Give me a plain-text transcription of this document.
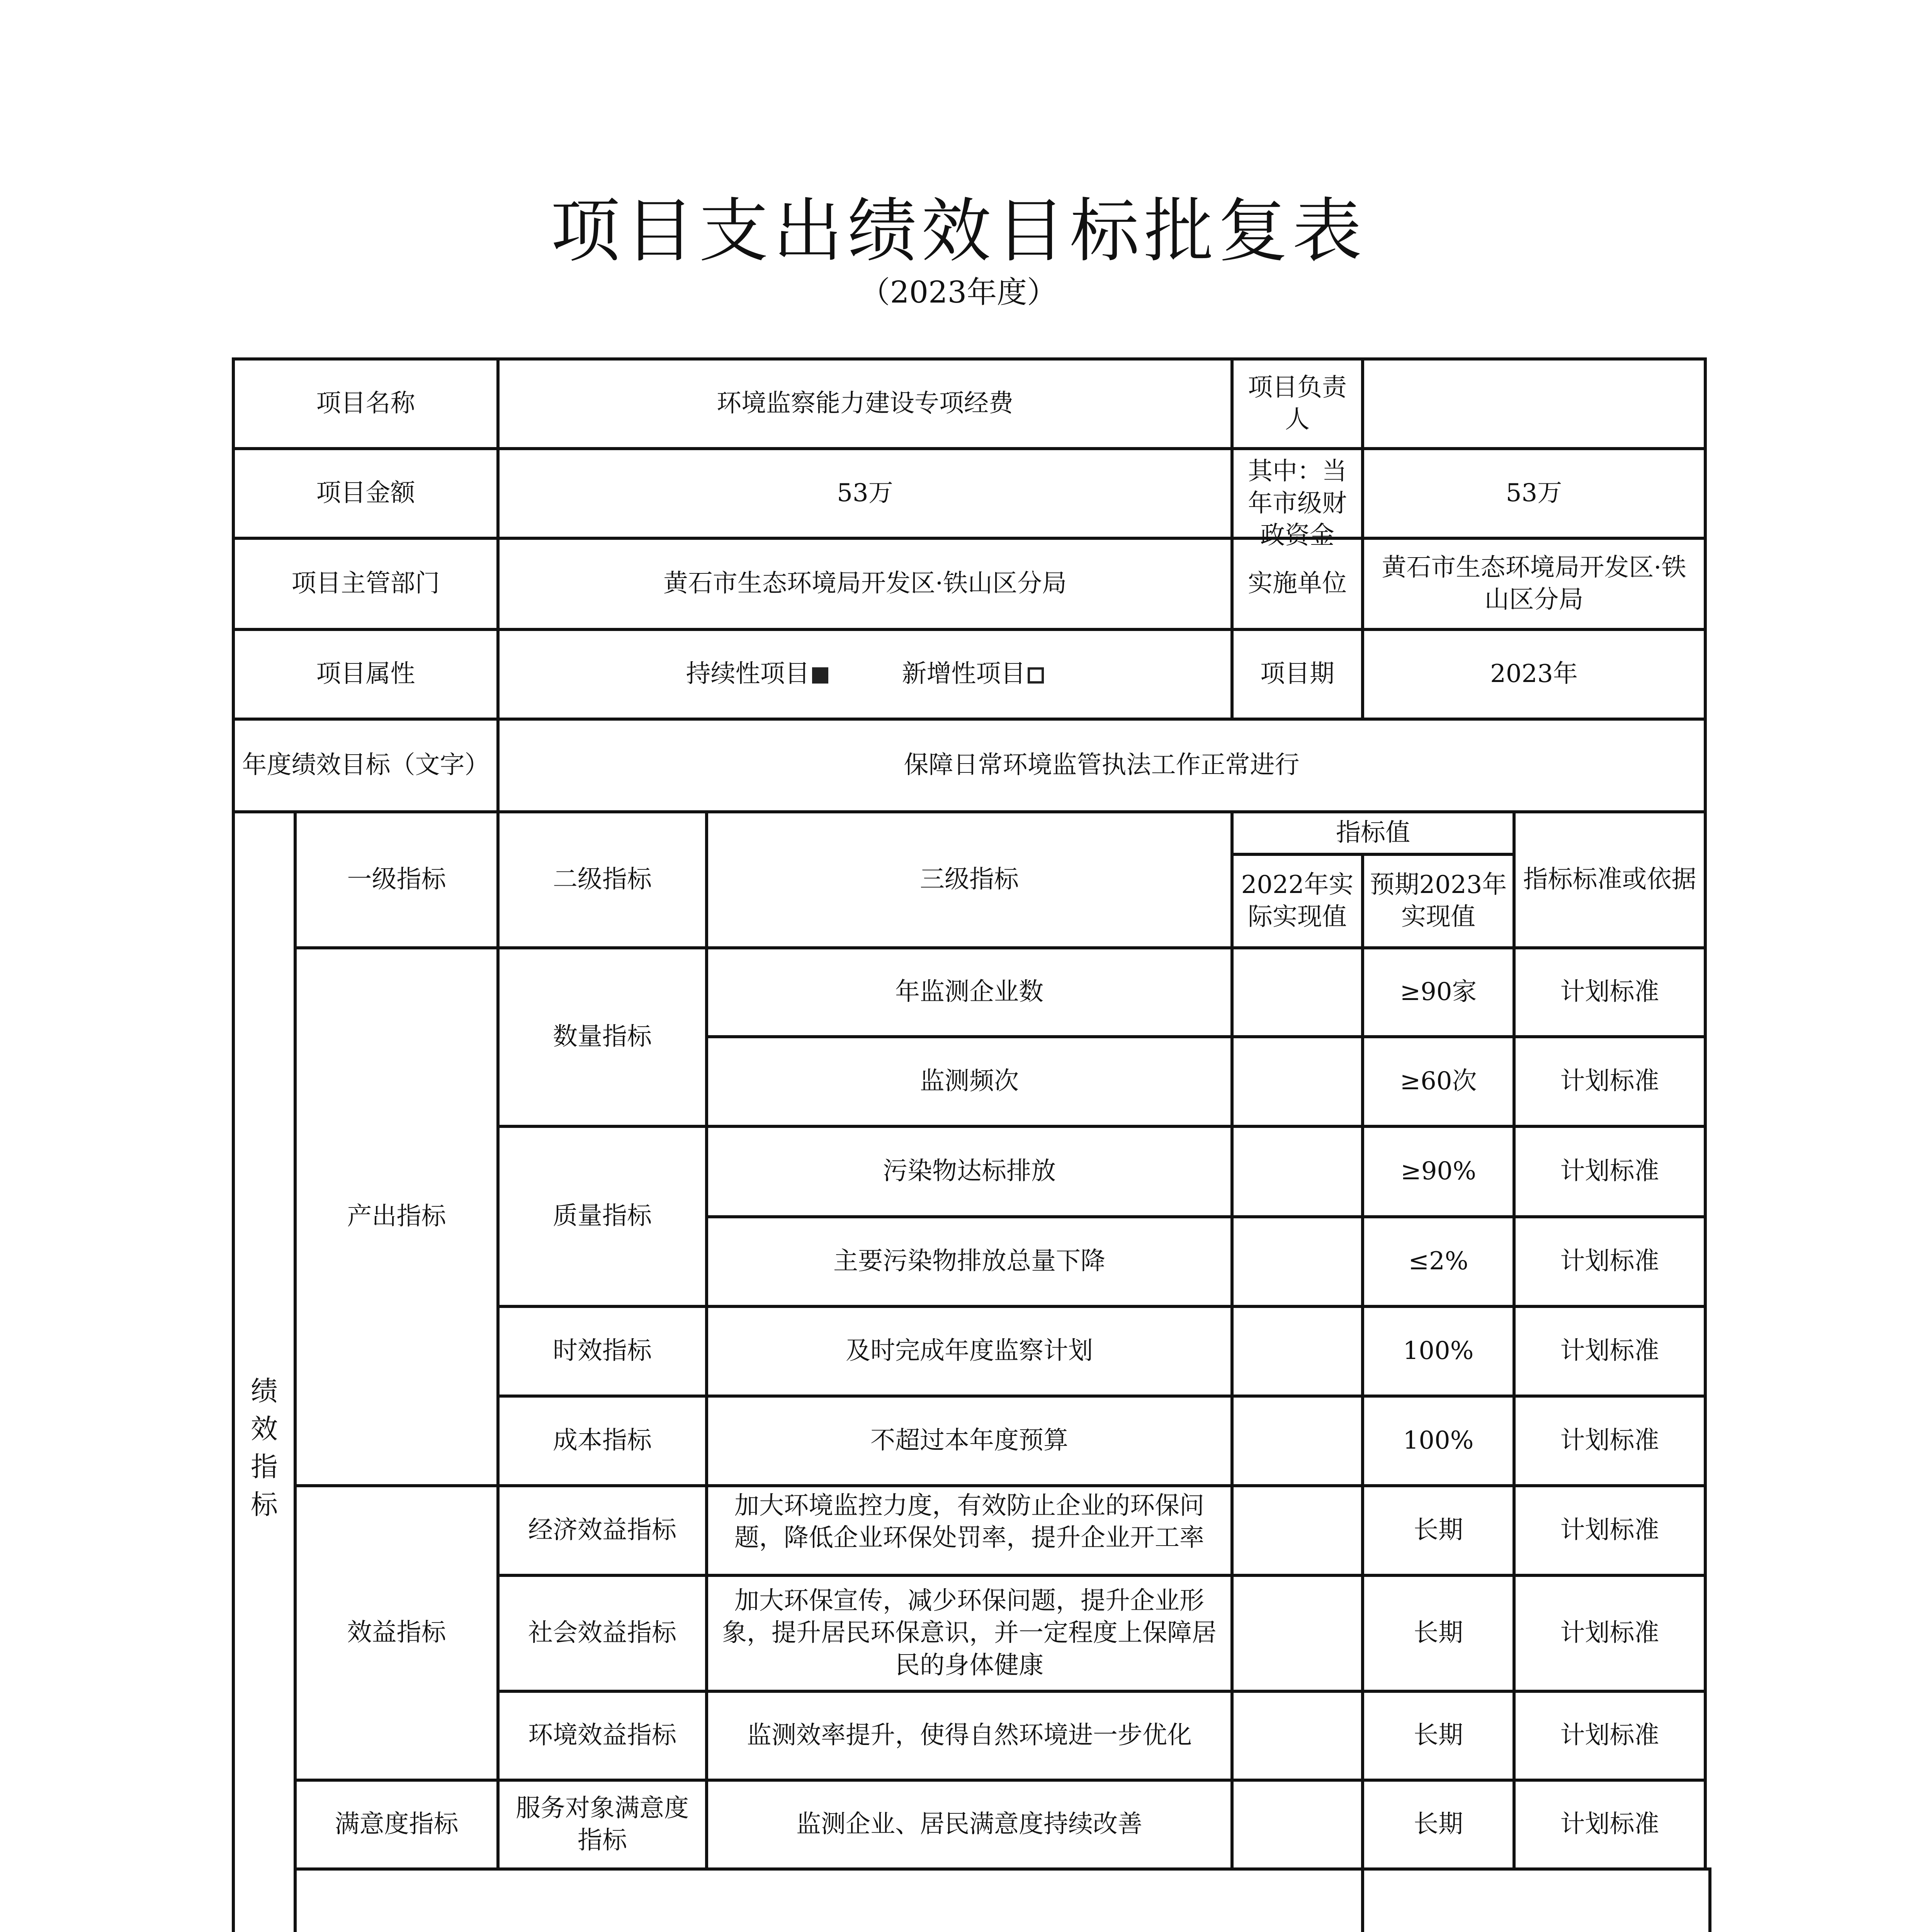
项目支出绩效目标批复表
（2023年度）
项目名称		环境监察能力建设专项经费		项目负责人		
项目金额		53万		其中：当年市级财政资金	53万	
项目主管部门		黄石市生态环境局开发区·铁山区分局		实施单位	黄石市生态环境局开发区·铁山区分局	
项目属性		持续性项目 新增性项目		项目期	2023年	
年度绩效目标（文字）		保障日常环境监管执法工作正常进行				
绩效指标	一级指标	二级指标	三级指标	指标值		指标标准或依据
				2022年实际实现值	预期2023年实现值	
	产出指标	数量指标	年监测企业数		≥90家	计划标准
			监测频次		≥60次	计划标准
		质量指标	污染物达标排放		≥90%	计划标准
			主要污染物排放总量下降		≤2%	计划标准
		时效指标	及时完成年度监察计划		100%	计划标准
		成本指标	不超过本年度预算		100%	计划标准
	效益指标	经济效益指标	加大环境监控力度，有效防止企业的环保问题，降低企业环保处罚率，提升企业开工率		长期	计划标准
		社会效益指标	加大环保宣传，减少环保问题，提升企业形象，提升居民环保意识，并一定程度上保障居民的身体健康		长期	计划标准
		环境效益指标	监测效率提升，使得自然环境进一步优化		长期	计划标准
	满意度指标	服务对象满意度指标	监测企业、居民满意度持续改善		长期	计划标准
